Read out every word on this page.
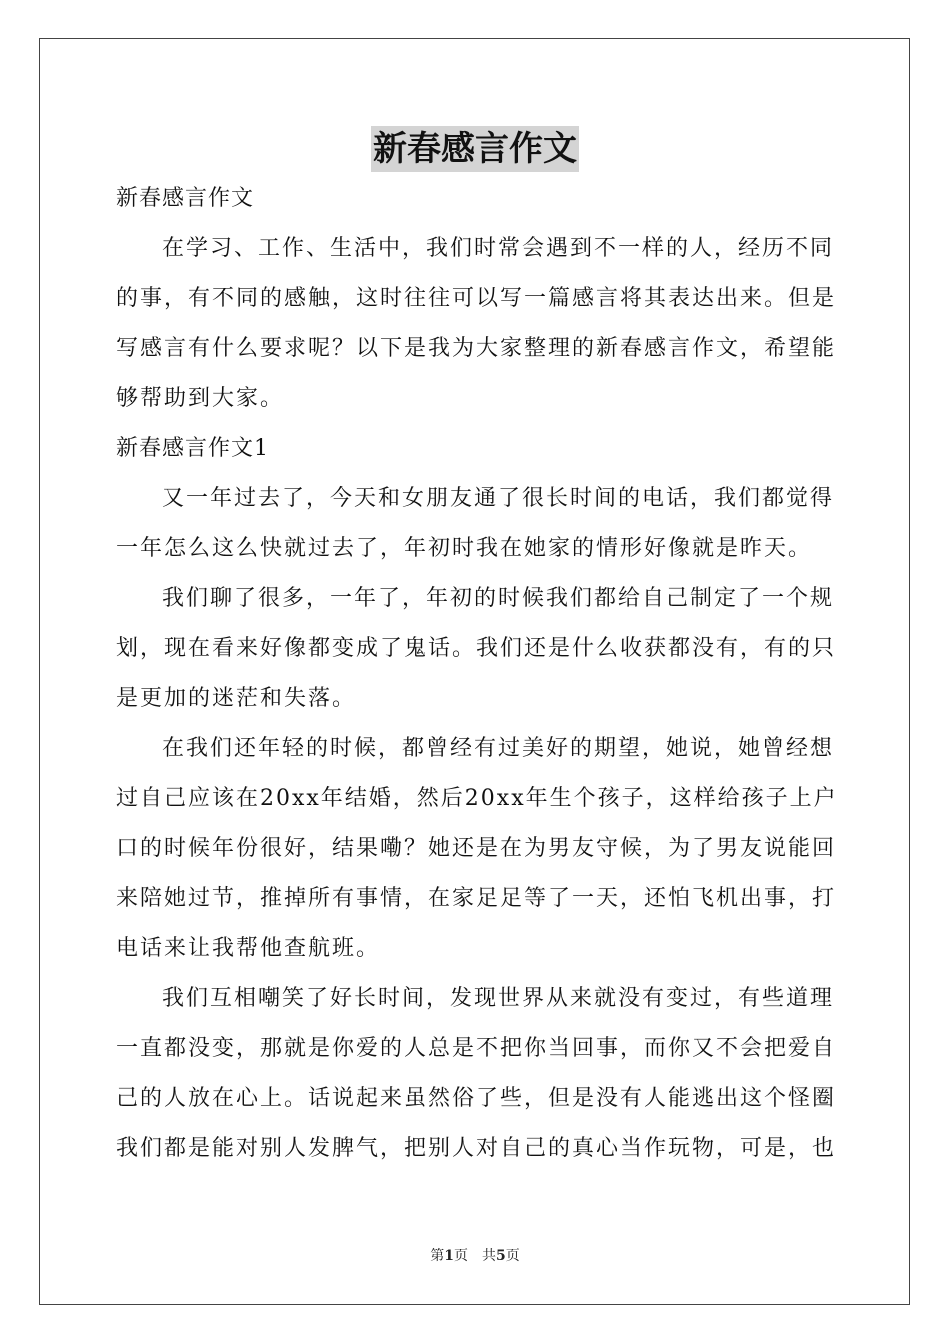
新春感言作文
新春感言作文
在学习、工作、生活中，我们时常会遇到不一样的人，经历不同
的事，有不同的感触，这时往往可以写一篇感言将其表达出来。但是
写感言有什么要求呢？以下是我为大家整理的新春感言作文，希望能
够帮助到大家。
新春感言作文1
又一年过去了，今天和女朋友通了很长时间的电话，我们都觉得
一年怎么这么快就过去了，年初时我在她家的情形好像就是昨天。
我们聊了很多，一年了，年初的时候我们都给自己制定了一个规
划，现在看来好像都变成了鬼话。我们还是什么收获都没有，有的只
是更加的迷茫和失落。
在我们还年轻的时候，都曾经有过美好的期望，她说，她曾经想
过自己应该在20xx年结婚，然后20xx年生个孩子，这样给孩子上户
口的时候年份很好，结果嘞？她还是在为男友守候，为了男友说能回
来陪她过节，推掉所有事情，在家足足等了一天，还怕飞机出事，打
电话来让我帮他查航班。
我们互相嘲笑了好长时间，发现世界从来就没有变过，有些道理
一直都没变，那就是你爱的人总是不把你当回事，而你又不会把爱自
己的人放在心上。话说起来虽然俗了些，但是没有人能逃出这个怪圈
我们都是能对别人发脾气，把别人对自己的真心当作玩物，可是，也
第1页 共5页
